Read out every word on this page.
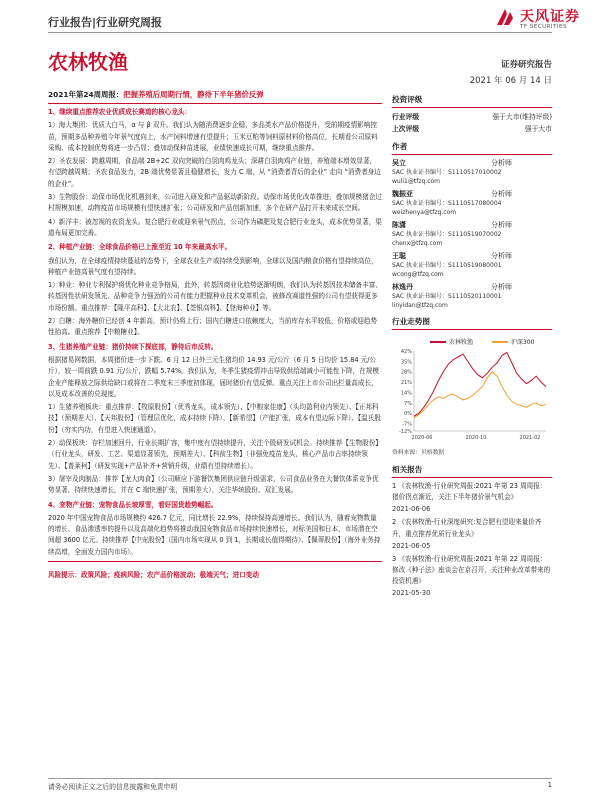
行业报告|行业研究周报	天风证券
TF SECURITIES
农林牧渔	证券研究报告
2021 年 06 月 14 日
2021年第24周周报：把握养殖后周期行情，静待下半年猪价反弹

1、继续重点推荐农业优质成长赛道的核心龙头：

1）海大集团：优质大白马，α 与 β 双升。我们认为随消费逐步企稳，多品类水产品价格提升，受前期疫情影响控苗，预期多品种养殖今年景气度向上，水产饲料增速有望提升；玉米豆粕等饲料原材料价格高位，长期看公司原料采购、成本控制优势将进一步凸显；叠加动保种苗进展，业绩快速成长可期，继续重点推荐。

2）圣农发展：跨越周期，食品端 2B+2C 双向突破的白羽肉鸡龙头；深耕白羽肉鸡产业链，养殖端本增效显著，有望跨越周期；圣农食品发力，2B 端优势显著且稳健增长，发力 C 端，从 “消费者背后的企业” 走向 “消费者身边的企业”。

3）生物股份：动保市场优化机遇到来，公司进入研发和产品驱动新阶段。动保市场优化改革推进，叠加规模猪企过村规模加速，动物疫苗市场规模有望快速扩张；公司研发和产品创新加速，多个在研产品打开未来成长空间。

4）新洋丰：被忽视的农资龙头。复合肥行业或迎来景气拐点，公司作为磷肥及复合肥行业龙头，成本优势显著，渠道布局更加完善。

2、种植产业链：全球食品价格已上涨至近 10 年来最高水平。

我们认为，在全球疫情持续蔓延的态势下，全球农业生产或持续受到影响，全球以及国内粮食价格有望持续高位，种植产业链高景气度有望持续。

1）种业：种业专利保护将优化种业竞争格局，此外，转基因商业化趋势逐渐明朗，我们认为转基因技术储备丰富、转基因性状研发领先、品种竞争力强劲的公司有能力把握种业技术变革机会，被修改赛道性强的公司有望获得更多市场份额。重点推荐：【隆平高科】、【大北农】、【荃银高科】、【登海种业】等。

2）白糖：海外糖价已经创 4 年新高，预计仍将上行；国内白糖进口依赖度大，当前库存水平较低，价格或迎趋势性抬高。重点推荐【中粮糖业】。

3、生猪养殖产业链：猪价持续下探底部，静待后市反转。

根据猪易网数据，本周猪价进一步下跌。6 月 12 日外三元生猪均价 14.93 元/公斤（6 月 5 日均价 15.84 元/公斤），较一周前跌 0.91 元/公斤，跌幅 5.74%。我们认为，冬季生猪疫情冲击导致供给端减小可能性下降，在规模企业产能释放之际供给缺口或将在二季度末三季度初体现，届时猪价有望反弹。重点关注上市公司出栏量高成长，以及成本改善的兑现度。

1）生猪养殖板块：重点推荐：【牧原股份】（优秀龙头，成本领先）、【中粮家佳康】（头均盈利业内领先）、【正邦科技】（预期差大）、【天邦股份】（管理层优化，成本持续下降）、【新希望】（产能扩张，成本有望边际下降）、【温氏股份】（穷实内功，有望进入快速通道）。

2）动保板块：存栏加速回升，行业长期扩容，集中度有望持续提升，关注个股研发试机会。持续推荐【生物股份】（行业龙头，研发、工艺、渠道显著领先，预期差大）、【科前生物】（非强免疫苗龙头，核心产品市占率持续领先）、【普莱柯】（研发实现+产品补齐+营销升级，业绩有望持续增长）。

3）屠宰及肉制品：推荐【龙大肉食】（公司顺应下游餐饮集团供应链升级需求，公司食品业务在大餐饮体系竞争优势显著，持续快速增长，并在 C 端快速扩张，预期差大），关注华统股份、双汇发展。

4、宠物产业链：宠物食品长坡厚雪，看好国货趁势崛起。

2020 年中国宠物食品市场规模约 426.7 亿元，同比增长 22.9%，持续保持高速增长。我们认为，随着宠物数量的增长、食品渗透率的提升以及高端化趋势将推动我国宠物食品市场持续快速增长，对标美国和日本，市场潜在空间超 3600 亿元。持续推荐【中宠股份】（国内市场实现从 0 到 1，长期成长值得期待）、【佩蒂股份】（海外业务持续高增，全面发力国内市场）。

风险提示：政策风险；疫病风险；农产品价格波动；极端天气；进口变动

投资评级
行业评级	强于大市(维持评级)
上次评级	强于大市
作者
吴立	分析师
SAC 执业证书编号：S1110517010002
wuli1@tfzq.com
魏振亚	分析师
SAC 执业证书编号：S1110517080004
weizhenya@tfzq.com
陈潇	分析师
SAC 执业证书编号：S1110519070002
chenx@tfzq.com
王聪	分析师
SAC 执业证书编号：S1110519080001
wcong@tfzq.com
林逸丹	分析师
SAC 执业证书编号：S1110520110001
linyidan@tfzq.com
行业走势图
农林牧渔	沪深300
42%
35%
28%
21%
14%
7%
0%
-7%
-12%
2020-06	2020-10	2021-02
资料来源：贝格数据
相关报告
1 《农林牧渔-行业研究周报:2021 年第 23 周周报：猪价拐点渐近，关注下半年猪价景气机会》
2021-06-06
2 《农林牧渔-行业深度研究:复合肥有望迎来量价齐升，重点推荐优质行业龙头》
2021-06-05
3 《农林牧渔-行业研究周报:2021 年第 22 周周报：修改《种子法》座谈会在京召开，关注种业改革带来的投资机遇》
2021-05-30
请务必阅读正文之后的信息披露和免责申明	1
